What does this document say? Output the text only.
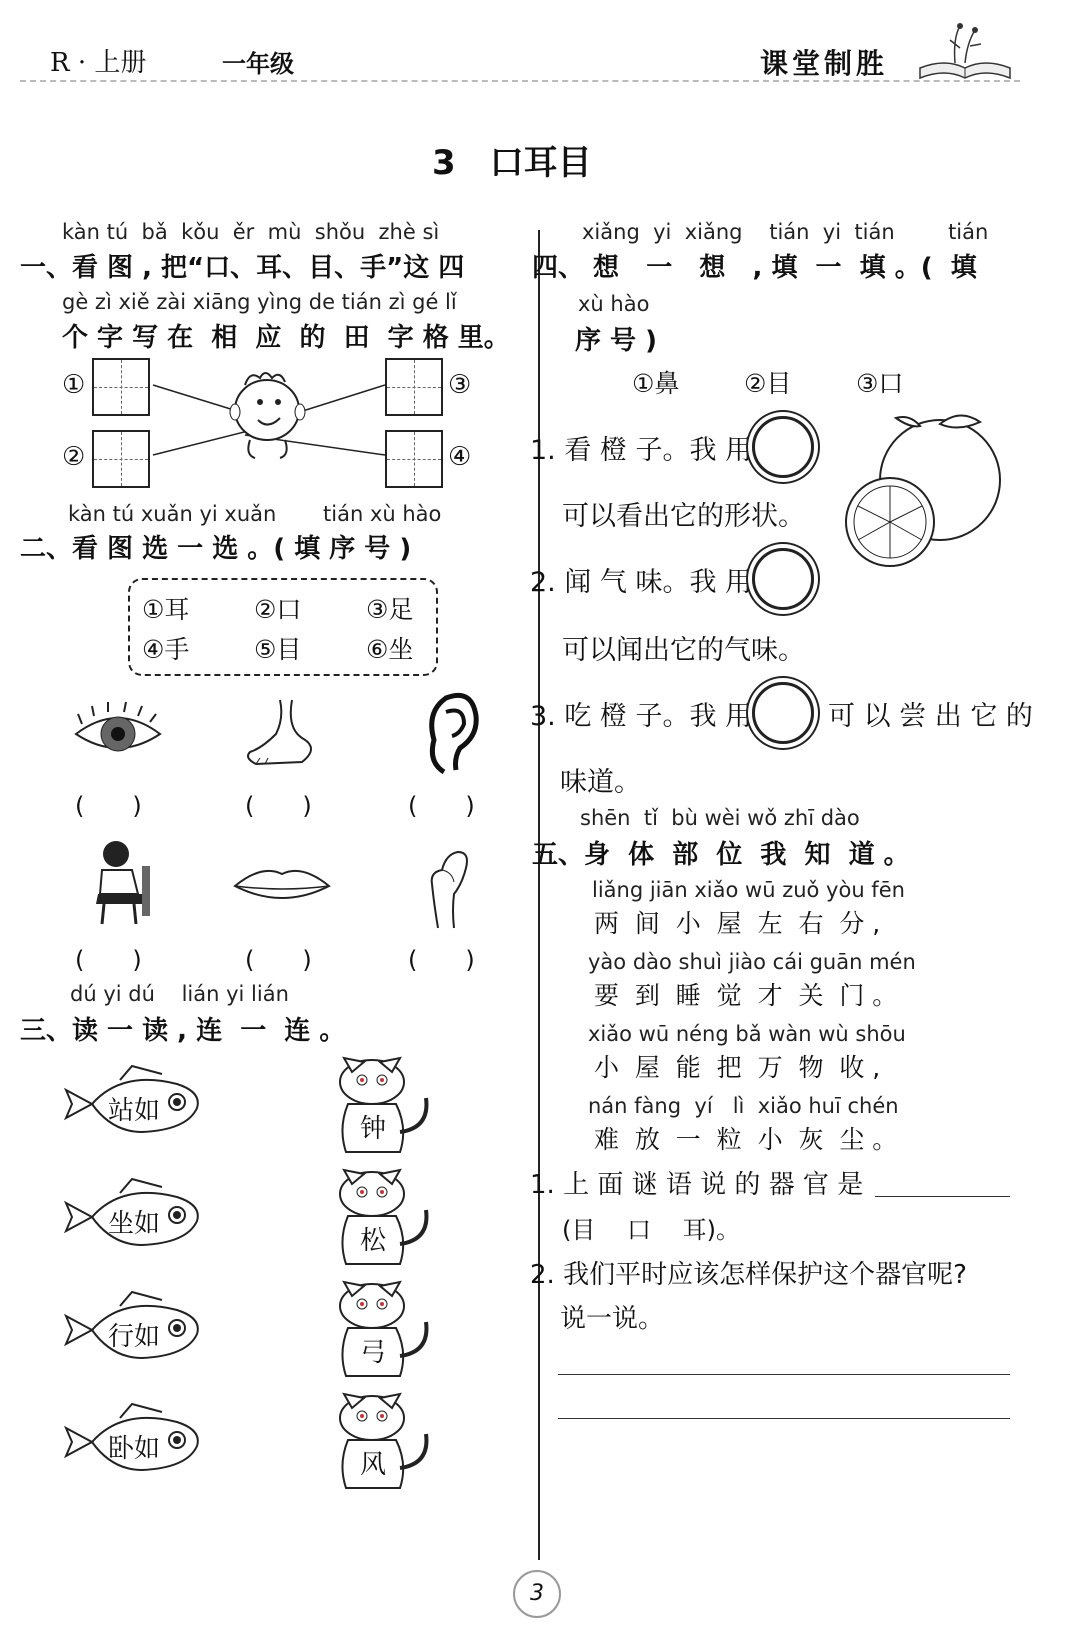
R · 上册	一年级	课堂制胜
3　口耳目
kàn tú  bǎ  kǒu  ěr  mù  shǒu  zhè sì
一、看 图 , 把“口、耳、目、手”这 四
gè zì xiě zài xiāng yìng de tián zì gé lǐ
个 字 写 在  相  应  的  田  字 格 里。
①
②
③
④
kàn tú xuǎn yi xuǎn       tián xù hào
二、看 图 选 一 选 。( 填 序 号 )
①耳	②口	③足
④手	⑤目	⑥坐
(　　)	(　　)	(　　)
(　　)	(　　)	(　　)
dú yi dú    lián yi lián
三、读 一 读 , 连  一  连 。
站如
坐如
行如
卧如
钟
松
弓
风
xiǎng  yi  xiǎng    tián  yi  tián        tián
四、 想   一   想   , 填  一  填 。(  填
xù hào
序 号 )
①鼻	②目	③口
1. 看 橙 子。我 用
可以看出它的形状。
2. 闻 气 味。我 用
可以闻出它的气味。
3. 吃 橙 子。我 用	可 以 尝 出 它 的
味道。
shēn  tǐ  bù wèi wǒ zhī dào
五、身  体  部  位  我  知  道 。
liǎng jiān xiǎo wū zuǒ yòu fēn
两  间  小  屋  左  右  分 ,
yào dào shuì jiào cái guān mén
要  到  睡  觉  才  关  门 。
xiǎo wū néng bǎ wàn wù shōu
小  屋  能  把  万  物  收 ,
nán fàng  yí   lì  xiǎo huī chén
难  放  一  粒  小  灰  尘 。
1. 上 面 谜 语 说 的 器 官 是
(目　 口　 耳)。
2. 我们平时应该怎样保护这个器官呢?
说一说。
3
